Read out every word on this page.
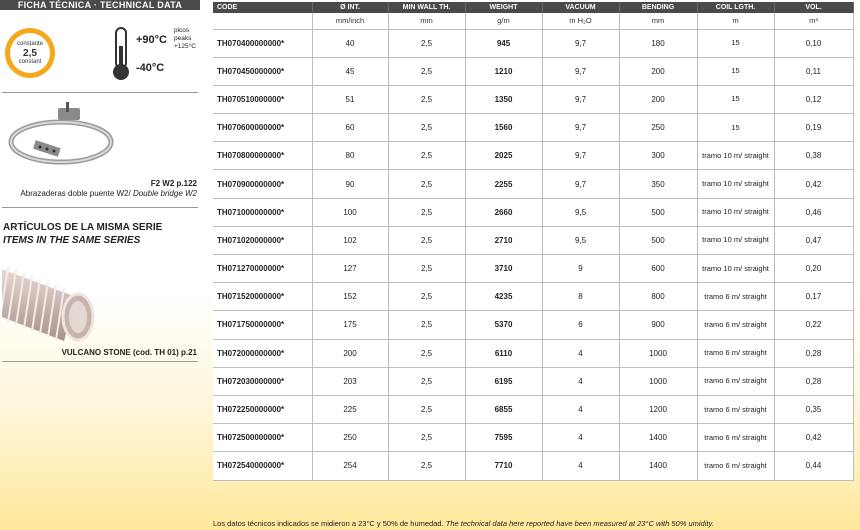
FICHA TÉCNICA · TECHNICAL DATA
constante
2,5
constant
+90°C
-40°C
picos
peaks
+125°C
F2 W2 p.122
Abrazaderas doble puente W2/ Double bridge W2
ARTÍCULOS DE LA MISMA SERIE
ITEMS IN THE SAME SERIES
VULCANO STONE (cod. TH 01) p.21
CODE	Ø INT.	MIN WALL TH.	WEIGHT	VACUUM	BENDING	COIL LGTH.	VOL.
	mm/inch	mm	g/m	m H₂O	mm	m	m³
TH070400000000*	40	2,5	945	9,7	180	15	0,10
TH070450000000*	45	2,5	1210	9,7	200	15	0,11
TH070510000000*	51	2,5	1350	9,7	200	15	0,12
TH070600000000*	60	2,5	1560	9,7	250	15	0,19
TH070800000000*	80	2,5	2025	9,7	300	tramo 10 m/ straight	0,38
TH070900000000*	90	2,5	2255	9,7	350	tramo 10 m/ straight	0,42
TH071000000000*	100	2,5	2660	9,5	500	tramo 10 m/ straight	0,46
TH071020000000*	102	2,5	2710	9,5	500	tramo 10 m/ straight	0,47
TH071270000000*	127	2,5	3710	9	600	tramo 10 m/ straight	0,20
TH071520000000*	152	2,5	4235	8	800	tramo 6 m/ straight	0,17
TH071750000000*	175	2,5	5370	6	900	tramo 6 m/ straight	0,22
TH072000000000*	200	2,5	6110	4	1000	tramo 6 m/ straight	0,28
TH072030000000*	203	2,5	6195	4	1000	tramo 6 m/ straight	0,28
TH072250000000*	225	2,5	6855	4	1200	tramo 6 m/ straight	0,35
TH072500000000*	250	2,5	7595	4	1400	tramo 6 m/ straight	0,42
TH072540000000*	254	2,5	7710	4	1400	tramo 6 m/ straight	0,44
Los datos técnicos indicados se midieron a 23°C y 50% de humedad. The technical data here reported have been measured at 23°C with 50% umidity.
